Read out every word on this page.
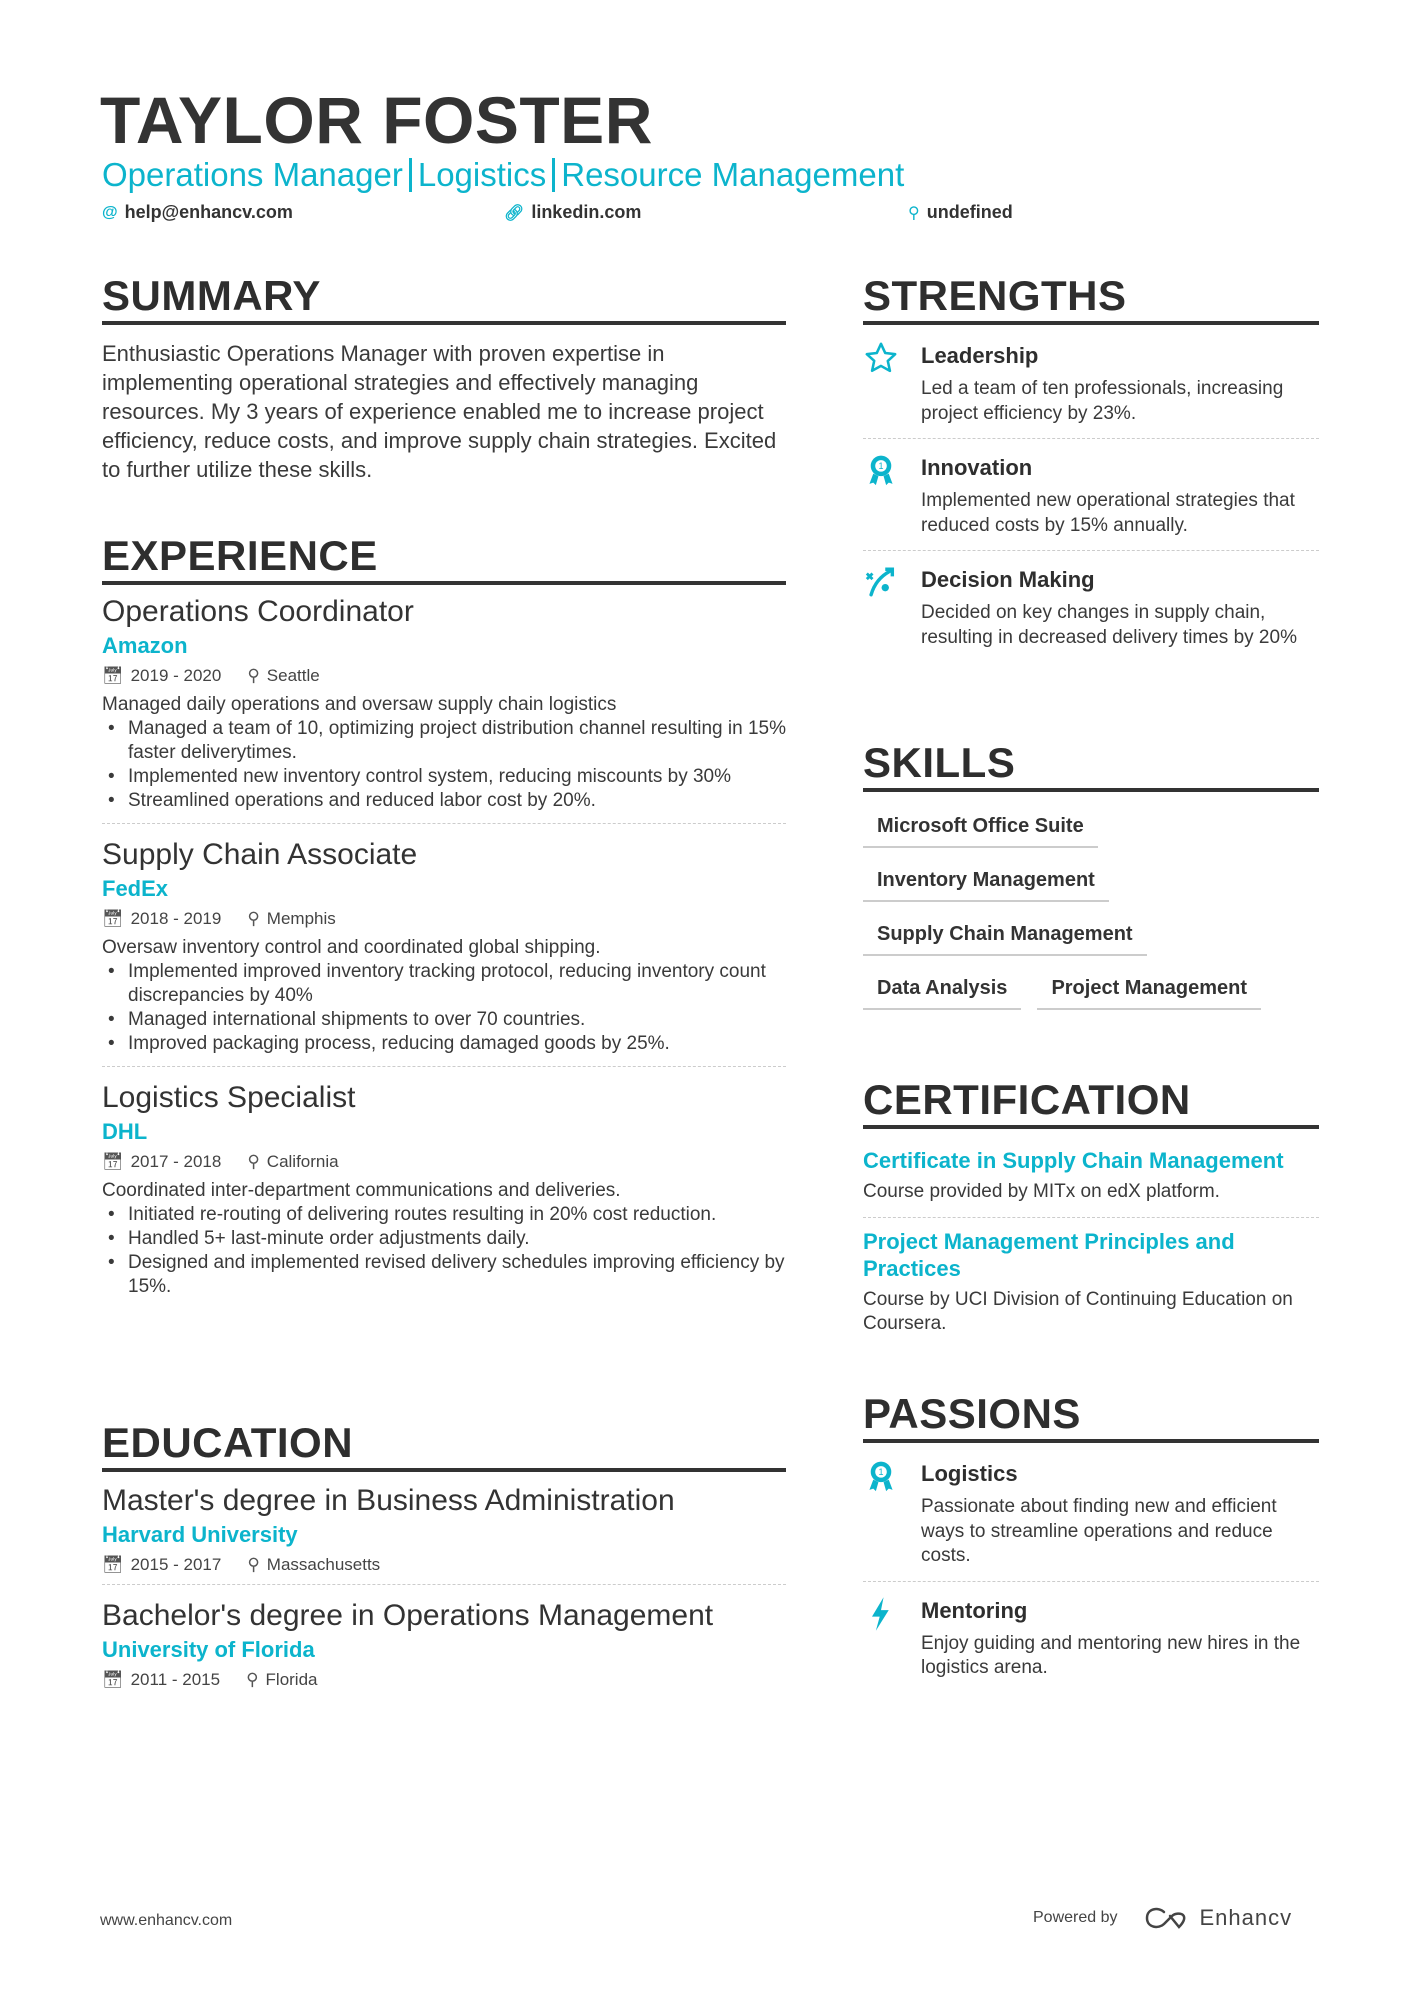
TAYLOR FOSTER
Operations Manager Logistics Resource Management
@ help@enhancv.com	🔗︎ linkedin.com	⚲ undefined
SUMMARY
Enthusiastic Operations Manager with proven expertise in implementing operational strategies and effectively managing resources. My 3 years of experience enabled me to increase project efficiency, reduce costs, and improve supply chain strategies. Excited to further utilize these skills.
EXPERIENCE
Operations Coordinator
Amazon
📅︎ 2019 - 2020 ⚲ Seattle
Managed daily operations and oversaw supply chain logistics
• Managed a team of 10, optimizing project distribution channel resulting in 15% faster deliverytimes.
• Implemented new inventory control system, reducing miscounts by 30%
• Streamlined operations and reduced labor cost by 20%.
Supply Chain Associate
FedEx
📅︎ 2018 - 2019 ⚲ Memphis
Oversaw inventory control and coordinated global shipping.
• Implemented improved inventory tracking protocol, reducing inventory count discrepancies by 40%
• Managed international shipments to over 70 countries.
• Improved packaging process, reducing damaged goods by 25%.
Logistics Specialist
DHL
📅︎ 2017 - 2018 ⚲ California
Coordinated inter-department communications and deliveries.
• Initiated re-routing of delivering routes resulting in 20% cost reduction.
• Handled 5+ last-minute order adjustments daily.
• Designed and implemented revised delivery schedules improving efficiency by 15%.
EDUCATION
Master's degree in Business Administration
Harvard University
📅︎ 2015 - 2017 ⚲ Massachusetts
Bachelor's degree in Operations Management
University of Florida
📅︎ 2011 - 2015 ⚲ Florida
STRENGTHS
Leadership
Led a team of ten professionals, increasing project efficiency by 23%.
1 Innovation
Implemented new operational strategies that reduced costs by 15% annually.
Decision Making
Decided on key changes in supply chain, resulting in decreased delivery times by 20%
SKILLS
Microsoft Office Suite
Inventory Management
Supply Chain Management
Data Analysis	Project Management
CERTIFICATION
Certificate in Supply Chain Management
Course provided by MITx on edX platform.
Project Management Principles and Practices
Course by UCI Division of Continuing Education on Coursera.
PASSIONS
1 Logistics
Passionate about finding new and efficient ways to streamline operations and reduce costs.
Mentoring
Enjoy guiding and mentoring new hires in the logistics arena.
www.enhancv.com	Powered by	Enhancv
